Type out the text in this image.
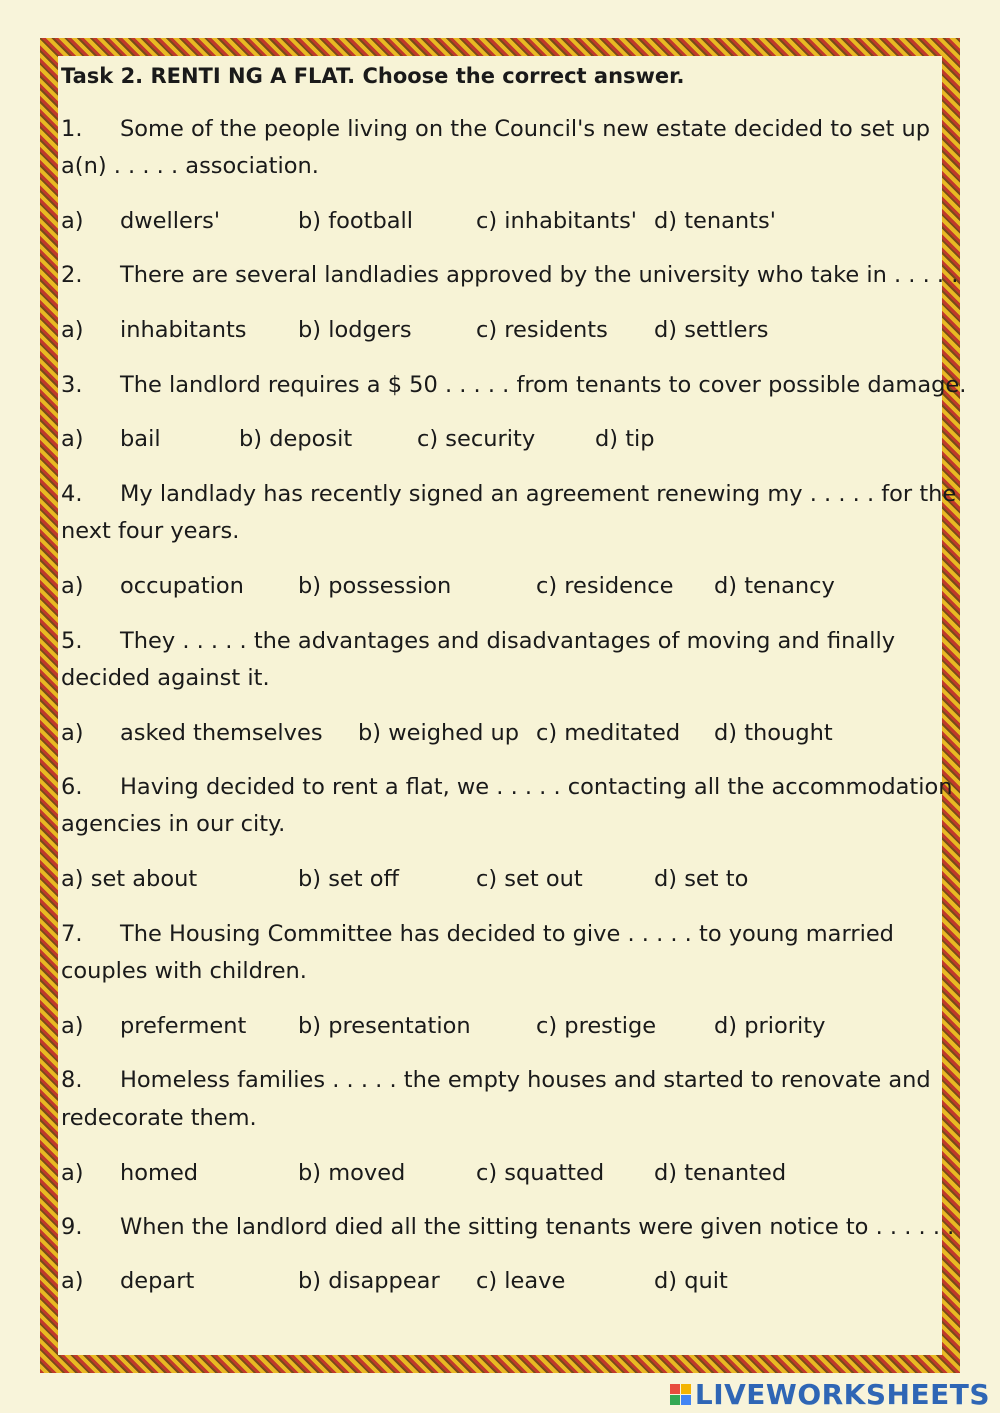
Task 2. RENTI NG A FLAT. Choose the correct answer.
1. Some of the people living on the Council's new estate decided to set up
a(n) . . . . . association.
a) dwellers'	b) football	c) inhabitants' d) tenants'
2. There are several landladies approved by the university who take in . . . . .
a) inhabitants b) lodgers	c) residents d) settlers
3. The landlord requires a $ 50 . . . . . from tenants to cover possible damage.
a) bail	b) deposit	c) security	d) tip
4. My landlady has recently signed an agreement renewing my . . . . . for the
next four years.
a) occupation b) possession	c) residence d) tenancy
5. They . . . . . the advantages and disadvantages of moving and finally
decided against it.
a) asked themselves b) weighed up c) meditated d) thought
6. Having decided to rent a flat, we . . . . . contacting all the accommodation
agencies in our city.
a) set about	b) set off	c) set out	d) set to
7. The Housing Committee has decided to give . . . . . to young married
couples with children.
a) preferment b) presentation	c) prestige	d) priority
8. Homeless families . . . . . the empty houses and started to renovate and
redecorate them.
a) homed	b) moved	c) squatted d) tenanted
9. When the landlord died all the sitting tenants were given notice to . . . . . .
a) depart	b) disappear c) leave	d) quit
LIVEWORKSHEETS
